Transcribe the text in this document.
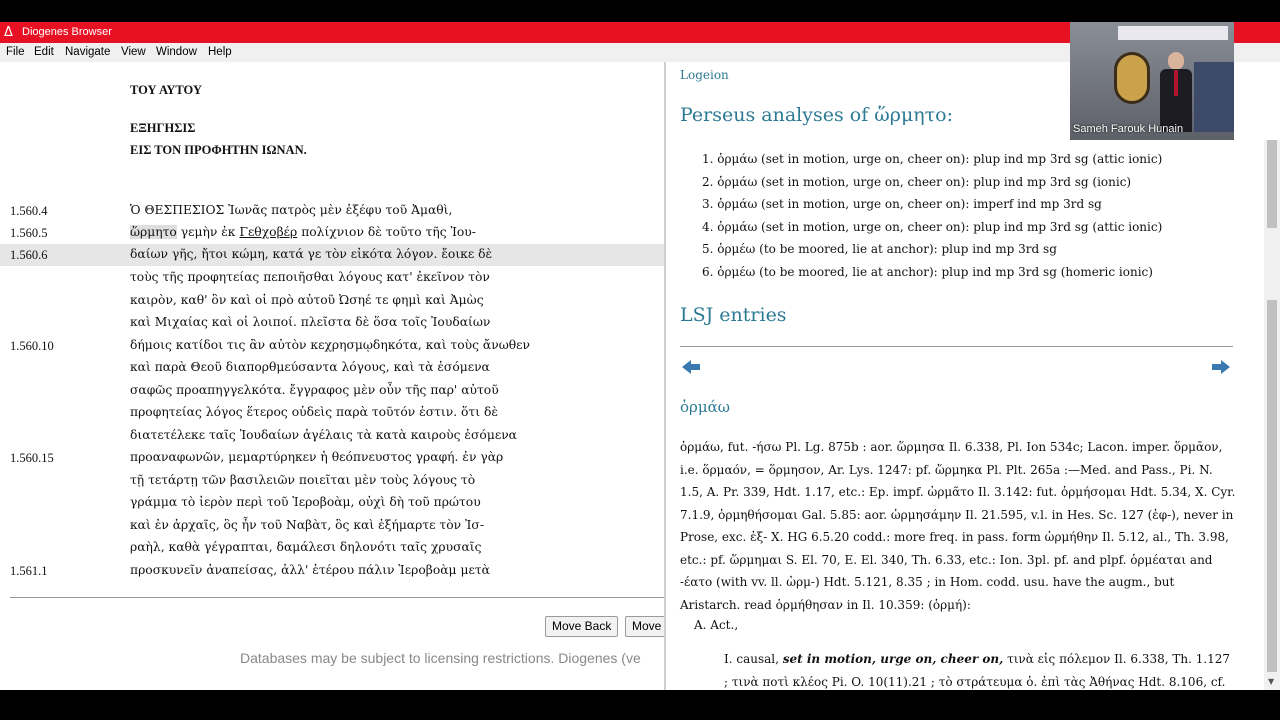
Δ Diogenes Browser
File Edit Navigate View Window Help
ΤΟΥ ΑΥΤΟΥ
ΕΞΗΓΗΣΙΣ
ΕΙΣ ΤΟΝ ΠΡΟΦΗΤΗΝ ΙΩΝΑΝ.
1.560.4	Ὁ ΘΕΣΠΕΣΙΟΣ Ἰωνᾶς πατρὸς μὲν ἐξέφυ τοῦ Ἀμαθὶ,
1.560.5	ὥρμητο γεμὴν ἐκ Γεθχοβέρ πολίχνιον δὲ τοῦτο τῆς Ἰου-
1.560.6	δαίων γῆς, ἤτοι κώμη, κατά γε τὸν εἰκότα λόγον. ἔοικε δὲ
τοὺς τῆς προφητείας πεποιῆσθαι λόγους κατ' ἐκεῖνον τὸν
καιρὸν, καθ' ὃν καὶ οἱ πρὸ αὐτοῦ Ὠσηέ τε φημὶ καὶ Ἀμὼς
καὶ Μιχαίας καὶ οἱ λοιποί. πλεῖστα δὲ ὅσα τοῖς Ἰουδαίων
1.560.10	δήμοις κατίδοι τις ἂν αὐτὸν κεχρησμῳδηκότα, καὶ τοὺς ἄνωθεν
καὶ παρὰ Θεοῦ διαπορθμεύσαντα λόγους, καὶ τὰ ἐσόμενα
σαφῶς προαπηγγελκότα. ἔγγραφος μὲν οὖν τῆς παρ' αὐτοῦ
προφητείας λόγος ἕτερος οὐδεὶς παρὰ τοῦτόν ἐστιν. ὅτι δὲ
διατετέλεκε ταῖς Ἰουδαίων ἀγέλαις τὰ κατὰ καιροὺς ἐσόμενα
1.560.15	προαναφωνῶν, μεμαρτύρηκεν ἡ θεόπνευστος γραφή. ἐν γὰρ
τῇ τετάρτῃ τῶν βασιλειῶν ποιεῖται μὲν τοὺς λόγους τὸ
γράμμα τὸ ἱερὸν περὶ τοῦ Ἱεροβοὰμ, οὐχὶ δὴ τοῦ πρώτου
καὶ ἐν ἀρχαῖς, ὃς ἦν τοῦ Ναβὰτ, ὃς καὶ ἐξήμαρτε τὸν Ἰσ-
ραὴλ, καθὰ γέγραπται, δαμάλεσι δηλονότι ταῖς χρυσαῖς
1.561.1	προσκυνεῖν ἀναπείσας, ἀλλ' ἑτέρου πάλιν Ἱεροβοὰμ μετὰ
Move Back	Move
Databases may be subject to licensing restrictions. Diogenes (ve
Logeion
Perseus analyses of ὥρμητο:
1. ὁρμάω (set in motion, urge on, cheer on): plup ind mp 3rd sg (attic ionic)
2. ὁρμάω (set in motion, urge on, cheer on): plup ind mp 3rd sg (ionic)
3. ὁρμάω (set in motion, urge on, cheer on): imperf ind mp 3rd sg
4. ὁρμάω (set in motion, urge on, cheer on): plup ind mp 3rd sg (attic ionic)
5. ὁρμέω (to be moored, lie at anchor): plup ind mp 3rd sg
6. ὁρμέω (to be moored, lie at anchor): plup ind mp 3rd sg (homeric ionic)
LSJ entries
ὁρμάω
ὁρμάω, fut. -ήσω Pl. Lg. 875b : aor. ὥρμησα Il. 6.338, Pl. Ion 534c; Lacon. imper. ὅρμᾱον, i.e. ὅρμαόν, = ὅρμησον, Ar. Lys. 1247: pf. ὥρμηκα Pl. Plt. 265a :—Med. and Pass., Pi. N. 1.5, A. Pr. 339, Hdt. 1.17, etc.: Ep. impf. ὡρμᾶτο Il. 3.142: fut. ὁρμήσομαι Hdt. 5.34, X. Cyr. 7.1.9, ὁρμηθήσομαι Gal. 5.85: aor. ὡρμησάμην Il. 21.595, v.l. in Hes. Sc. 127 (ἐφ-), never in Prose, exc. ἐξ- X. HG 6.5.20 codd.: more freq. in pass. form ὡρμήθην Il. 5.12, al., Th. 3.98, etc.: pf. ὥρμημαι S. El. 70, E. El. 340, Th. 6.33, etc.: Ion. 3pl. pf. and plpf. ὁρμέαται and -έατο (with vv. ll. ὡρμ-) Hdt. 5.121, 8.35 ; in Hom. codd. usu. have the augm., but Aristarch. read ὁρμήθησαν in Il. 10.359: (ὁρμή):
A. Act.,
I. causal, set in motion, urge on, cheer on, τινὰ εἰς πόλεμον Il. 6.338, Th. 1.127 ; τινὰ ποτὶ κλέος Pi. O. 10(11).21 ; τὸ στράτευμα ὁ. ἐπὶ τὰς Ἀθήνας Hdt. 8.106, cf.	▼
Sameh Farouk Hunain
